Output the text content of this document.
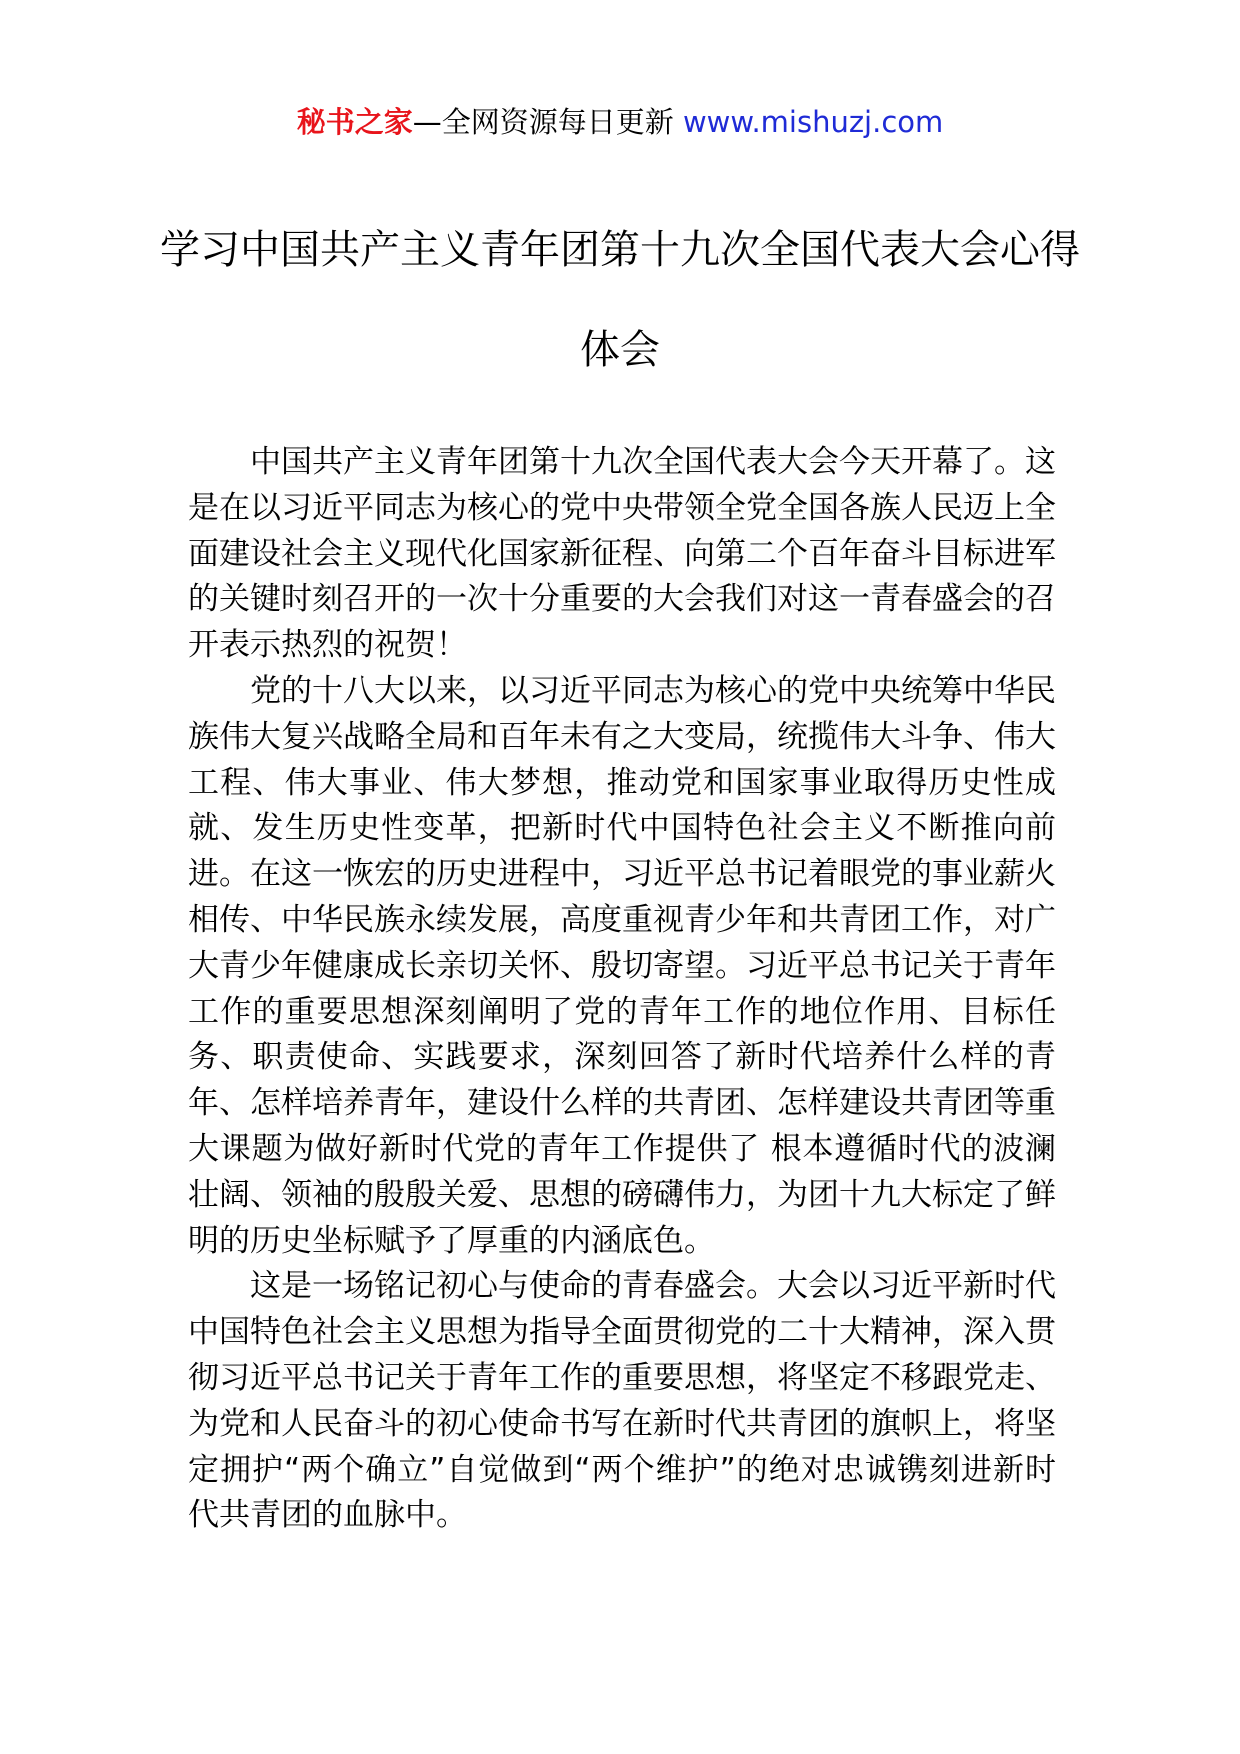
秘书之家—全网资源每日更新 www.mishuzj.com
学习中国共产主义青年团第十九次全国代表大会心得体会

中国共产主义青年团第十九次全国代表大会今天开幕了。这是在以习近平同志为核心的党中央带领全党全国各族人民迈上全面建设社会主义现代化国家新征程、向第二个百年奋斗目标进军的关键时刻召开的一次十分重要的大会我们对这一青春盛会的召开表示热烈的祝贺！

党的十八大以来，以习近平同志为核心的党中央统筹中华民族伟大复兴战略全局和百年未有之大变局，统揽伟大斗争、伟大工程、伟大事业、伟大梦想，推动党和国家事业取得历史性成就、发生历史性变革，把新时代中国特色社会主义不断推向前进。在这一恢宏的历史进程中，习近平总书记着眼党的事业薪火相传、中华民族永续发展，高度重视青少年和共青团工作，对广大青少年健康成长亲切关怀、殷切寄望。习近平总书记关于青年工作的重要思想深刻阐明了党的青年工作的地位作用、目标任务、职责使命、实践要求，深刻回答了新时代培养什么样的青年、怎样培养青年，建设什么样的共青团、怎样建设共青团等重大课题为做好新时代党的青年工作提供了 根本遵循时代的波澜壮阔、领袖的殷殷关爱、思想的磅礴伟力，为团十九大标定了鲜明的历史坐标赋予了厚重的内涵底色。

这是一场铭记初心与使命的青春盛会。大会以习近平新时代中国特色社会主义思想为指导全面贯彻党的二十大精神，深入贯彻习近平总书记关于青年工作的重要思想，将坚定不移跟党走、为党和人民奋斗的初心使命书写在新时代共青团的旗帜上，将坚定拥护“两个确立”自觉做到“两个维护”的绝对忠诚镌刻进新时代共青团的血脉中。
